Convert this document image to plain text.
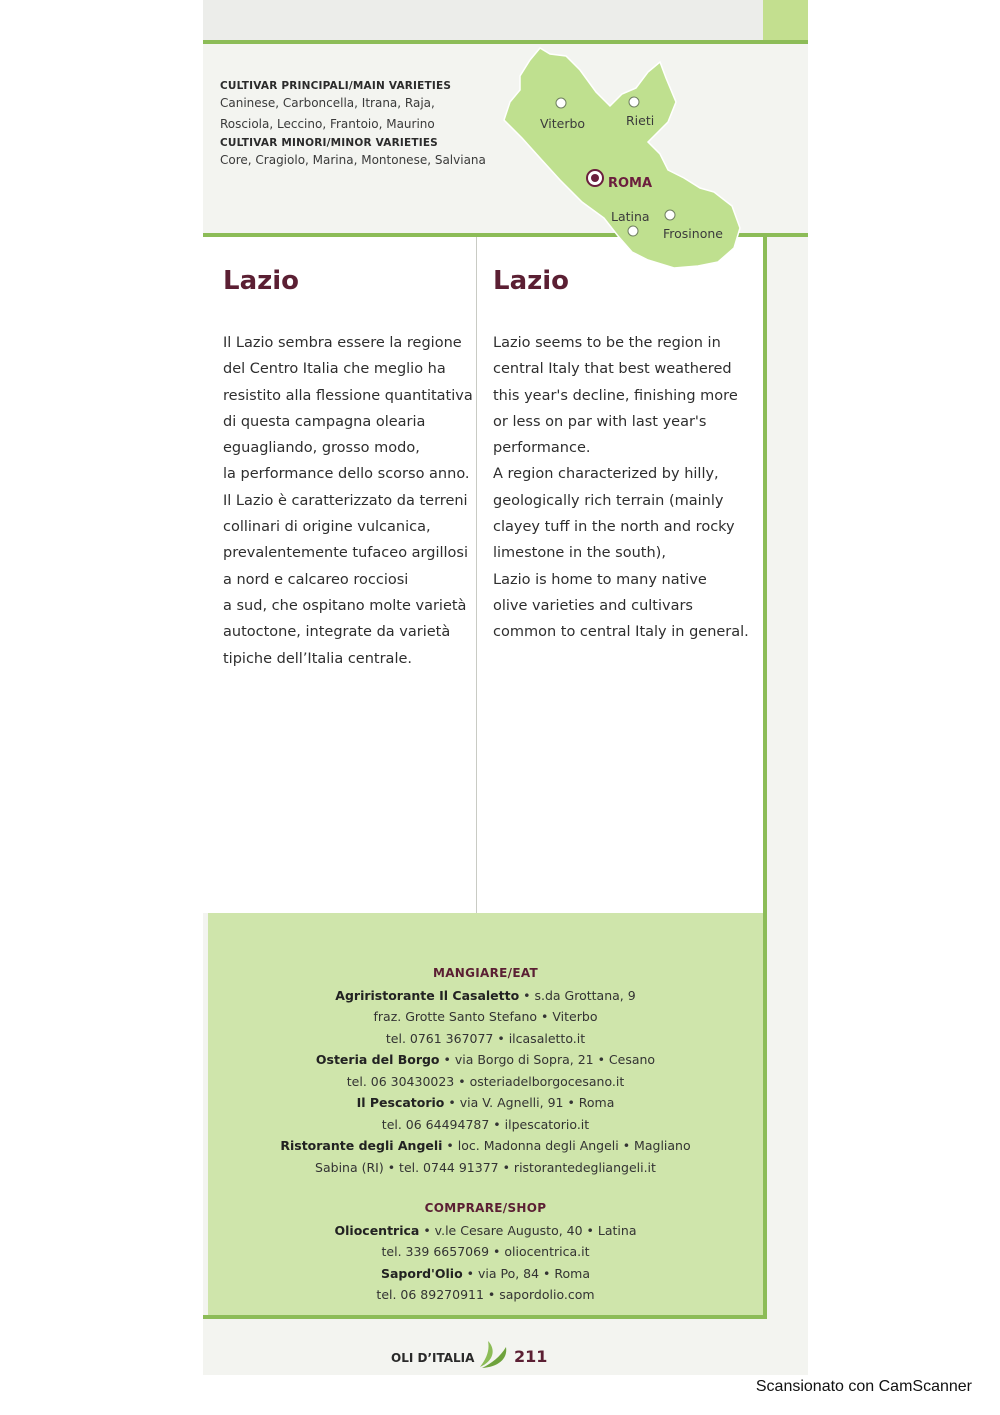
CULTIVAR PRINCIPALI/MAIN VARIETIES
Caninese, Carboncella, Itrana, Raja,
Rosciola, Leccino, Frantoio, Maurino
CULTIVAR MINORI/MINOR VARIETIES
Core, Cragiolo, Marina, Montonese, Salviana
Lazio
Il Lazio sembra essere la regione
del Centro Italia che meglio ha
resistito alla flessione quantitativa
di questa campagna olearia
eguagliando, grosso modo,
la performance dello scorso anno.
Il Lazio è caratterizzato da terreni
collinari di origine vulcanica,
prevalentemente tufaceo argillosi
a nord e calcareo rocciosi
a sud, che ospitano molte varietà
autoctone, integrate da varietà
tipiche dell’Italia centrale.
Lazio
Lazio seems to be the region in
central Italy that best weathered
this year's decline, finishing more
or less on par with last year's
performance.
A region characterized by hilly,
geologically rich terrain (mainly
clayey tuff in the north and rocky
limestone in the south),
Lazio is home to many native
olive varieties and cultivars
common to central Italy in general.
Viterbo	Rieti
ROMA
Latina
Frosinone
MANGIARE/EAT
Agriristorante Il Casaletto • s.da Grottana, 9
fraz. Grotte Santo Stefano • Viterbo
tel. 0761 367077 • ilcasaletto.it
Osteria del Borgo • via Borgo di Sopra, 21 • Cesano
tel. 06 30430023 • osteriadelborgocesano.it
Il Pescatorio • via V. Agnelli, 91 • Roma
tel. 06 64494787 • ilpescatorio.it
Ristorante degli Angeli • loc. Madonna degli Angeli • Magliano
Sabina (RI) • tel. 0744 91377 • ristorantedegliangeli.it
COMPRARE/SHOP
Oliocentrica • v.le Cesare Augusto, 40 • Latina
tel. 339 6657069 • oliocentrica.it
Sapord'Olio • via Po, 84 • Roma
tel. 06 89270911 • sapordolio.com
OLI D’ITALIA 211
Scansionato con CamScanner
